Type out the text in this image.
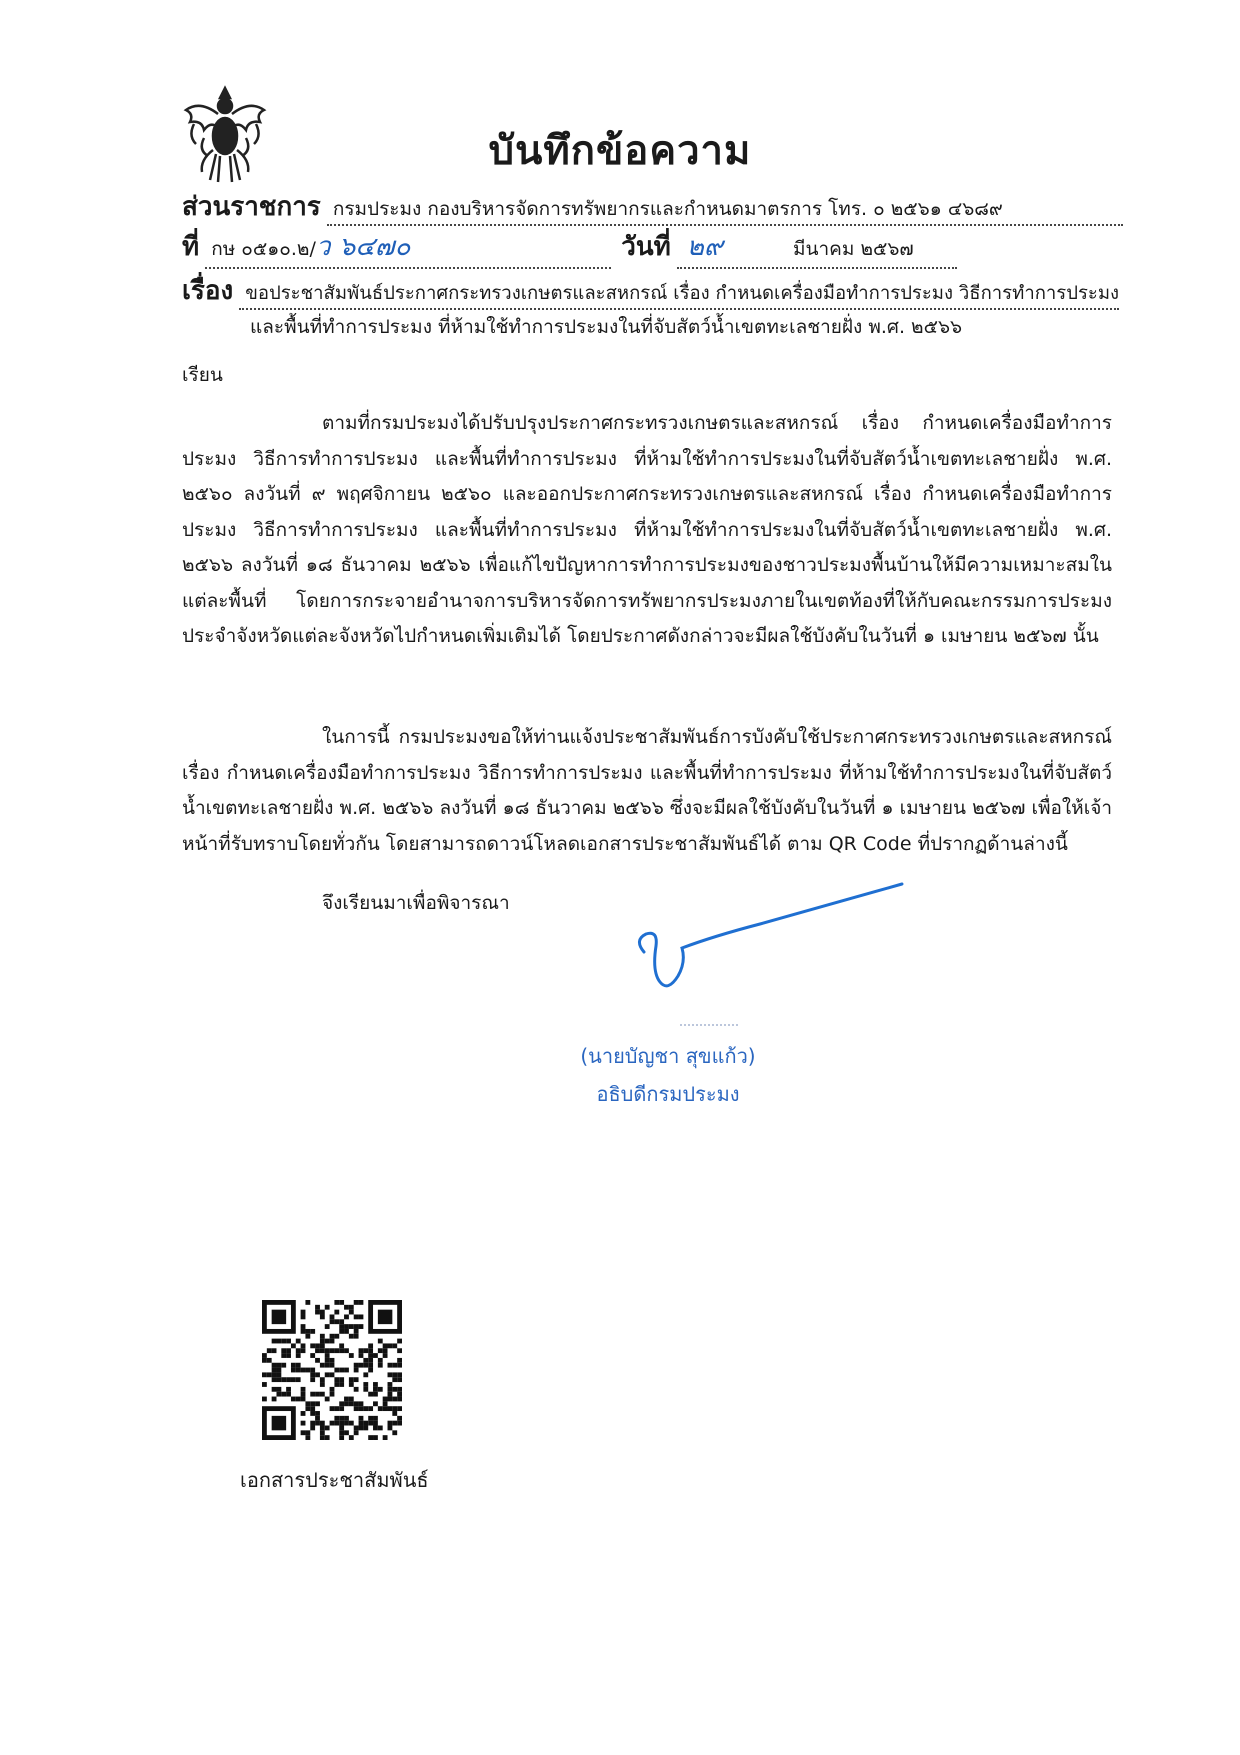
บันทึกข้อความ
ส่วนราชการ กรมประมง กองบริหารจัดการทรัพยากรและกำหนดมาตรการ โทร. ๐ ๒๕๖๑ ๔๖๘๙
ที่ กษ ๐๕๑๐.๒/ว ๖๔๗๐	วันที่ ๒๙	มีนาคม ๒๕๖๗
เรื่อง ขอประชาสัมพันธ์ประกาศกระทรวงเกษตรและสหกรณ์ เรื่อง กำหนดเครื่องมือทำการประมง วิธีการทำการประมง
และพื้นที่ทำการประมง ที่ห้ามใช้ทำการประมงในที่จับสัตว์น้ำเขตทะเลชายฝั่ง พ.ศ. ๒๕๖๖
เรียน
ตามที่กรมประมงได้ปรับปรุงประกาศกระทรวงเกษตรและสหกรณ์ เรื่อง กำหนดเครื่องมือทำการประมง วิธีการทำการประมง และพื้นที่ทำการประมง ที่ห้ามใช้ทำการประมงในที่จับสัตว์น้ำเขตทะเลชายฝั่ง พ.ศ. ๒๕๖๐ ลงวันที่ ๙ พฤศจิกายน ๒๕๖๐ และออกประกาศกระทรวงเกษตรและสหกรณ์ เรื่อง กำหนดเครื่องมือทำการประมง วิธีการทำการประมง และพื้นที่ทำการประมง ที่ห้ามใช้ทำการประมงในที่จับสัตว์น้ำเขตทะเลชายฝั่ง พ.ศ. ๒๕๖๖ ลงวันที่ ๑๘ ธันวาคม ๒๕๖๖ เพื่อแก้ไขปัญหาการทำการประมงของชาวประมงพื้นบ้านให้มีความเหมาะสมในแต่ละพื้นที่ โดยการกระจายอำนาจการบริหารจัดการทรัพยากรประมงภายในเขตท้องที่ให้กับคณะกรรมการประมงประจำจังหวัดแต่ละจังหวัดไปกำหนดเพิ่มเติมได้ โดยประกาศดังกล่าวจะมีผลใช้บังคับในวันที่ ๑ เมษายน ๒๕๖๗ นั้น
ในการนี้ กรมประมงขอให้ท่านแจ้งประชาสัมพันธ์การบังคับใช้ประกาศกระทรวงเกษตรและสหกรณ์ เรื่อง กำหนดเครื่องมือทำการประมง วิธีการทำการประมง และพื้นที่ทำการประมง ที่ห้ามใช้ทำการประมงในที่จับสัตว์น้ำเขตทะเลชายฝั่ง พ.ศ. ๒๕๖๖ ลงวันที่ ๑๘ ธันวาคม ๒๕๖๖ ซึ่งจะมีผลใช้บังคับในวันที่ ๑ เมษายน ๒๕๖๗ เพื่อให้เจ้าหน้าที่รับทราบโดยทั่วกัน โดยสามารถดาวน์โหลดเอกสารประชาสัมพันธ์ได้ ตาม QR Code ที่ปรากฏด้านล่างนี้
จึงเรียนมาเพื่อพิจารณา
(นายบัญชา สุขแก้ว)
อธิบดีกรมประมง
เอกสารประชาสัมพันธ์
